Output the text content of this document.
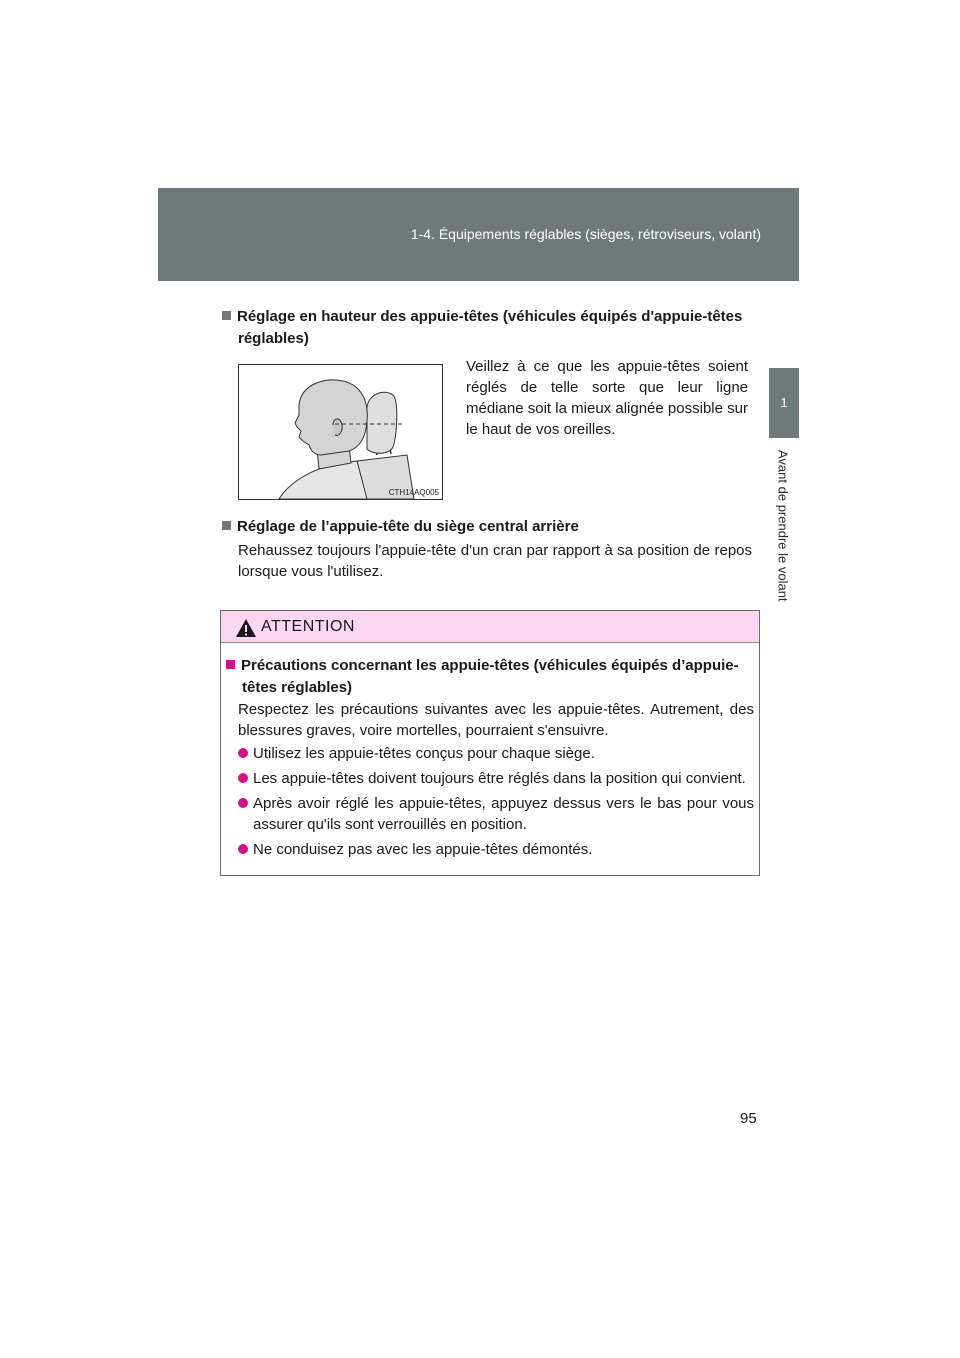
1-4. Équipements réglables (sièges, rétroviseurs, volant)
1
Avant de prendre le volant
Réglage en hauteur des appuie-têtes (véhicules équipés d'appuie-têtes réglables)
CTH14AQ005
Veillez à ce que les appuie-têtes soient réglés de telle sorte que leur ligne médiane soit la mieux alignée possible sur le haut de vos oreilles.
Réglage de l’appuie-tête du siège central arrière
Rehaussez toujours l'appuie-tête d'un cran par rapport à sa position de repos lorsque vous l'utilisez.
ATTENTION
Précautions concernant les appuie-têtes (véhicules équipés d’appuie-têtes réglables)
Respectez les précautions suivantes avec les appuie-têtes. Autrement, des blessures graves, voire mortelles, pourraient s'ensuivre.
Utilisez les appuie-têtes conçus pour chaque siège.
Les appuie-têtes doivent toujours être réglés dans la position qui convient.
Après avoir réglé les appuie-têtes, appuyez dessus vers le bas pour vous assurer qu'ils sont verrouillés en position.
Ne conduisez pas avec les appuie-têtes démontés.
95
